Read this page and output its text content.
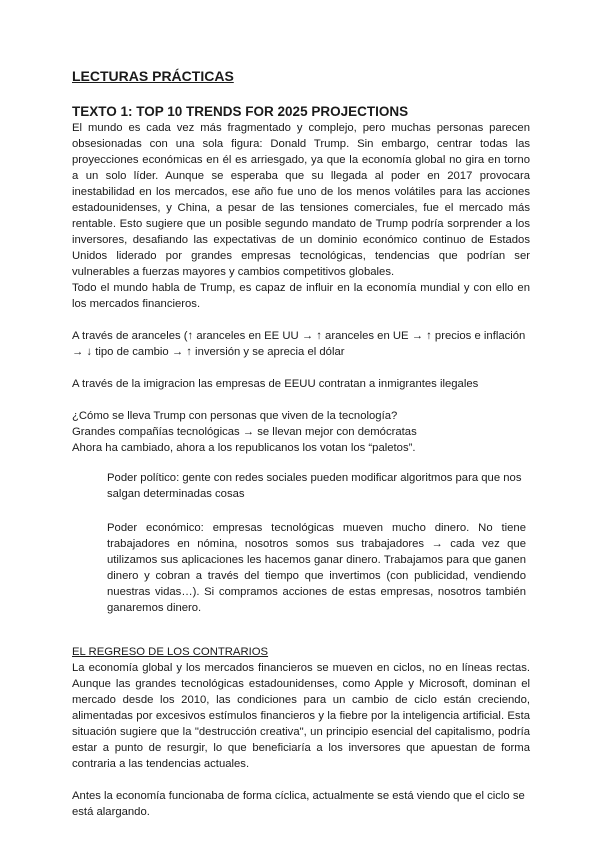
LECTURAS PRÁCTICAS
TEXTO 1: TOP 10 TRENDS FOR 2025 PROJECTIONS

El mundo es cada vez más fragmentado y complejo, pero muchas personas parecen obsesionadas con una sola figura: Donald Trump. Sin embargo, centrar todas las proyecciones económicas en él es arriesgado, ya que la economía global no gira en torno a un solo líder. Aunque se esperaba que su llegada al poder en 2017 provocara inestabilidad en los mercados, ese año fue uno de los menos volátiles para las acciones estadounidenses, y China, a pesar de las tensiones comerciales, fue el mercado más rentable. Esto sugiere que un posible segundo mandato de Trump podría sorprender a los inversores, desafiando las expectativas de un dominio económico continuo de Estados Unidos liderado por grandes empresas tecnológicas, tendencias que podrían ser vulnerables a fuerzas mayores y cambios competitivos globales.

Todo el mundo habla de Trump, es capaz de influir en la economía mundial y con ello en los mercados financieros.

A través de aranceles (↑ aranceles en EE UU → ↑ aranceles en UE → ↑ precios e inflación → ↓ tipo de cambio → ↑ inversión y se aprecia el dólar

A través de la imigracion las empresas de EEUU contratan a inmigrantes ilegales

¿Cómo se lleva Trump con personas que viven de la tecnología?

Grandes compañías tecnológicas → se llevan mejor con demócratas

Ahora ha cambiado, ahora a los republicanos los votan los “paletos”.

Poder político: gente con redes sociales pueden modificar algoritmos para que nos salgan determinadas cosas

Poder económico: empresas tecnológicas mueven mucho dinero. No tiene trabajadores en nómina, nosotros somos sus trabajadores → cada vez que utilizamos sus aplicaciones les hacemos ganar dinero. Trabajamos para que ganen dinero y cobran a través del tiempo que invertimos (con publicidad, vendiendo nuestras vidas…). Si compramos acciones de estas empresas, nosotros también ganaremos dinero.

EL REGRESO DE LOS CONTRARIOS

La economía global y los mercados financieros se mueven en ciclos, no en líneas rectas. Aunque las grandes tecnológicas estadounidenses, como Apple y Microsoft, dominan el mercado desde los 2010, las condiciones para un cambio de ciclo están creciendo, alimentadas por excesivos estímulos financieros y la fiebre por la inteligencia artificial. Esta situación sugiere que la "destrucción creativa", un principio esencial del capitalismo, podría estar a punto de resurgir, lo que beneficiaría a los inversores que apuestan de forma contraria a las tendencias actuales.

Antes la economía funcionaba de forma cíclica, actualmente se está viendo que el ciclo se está alargando.
